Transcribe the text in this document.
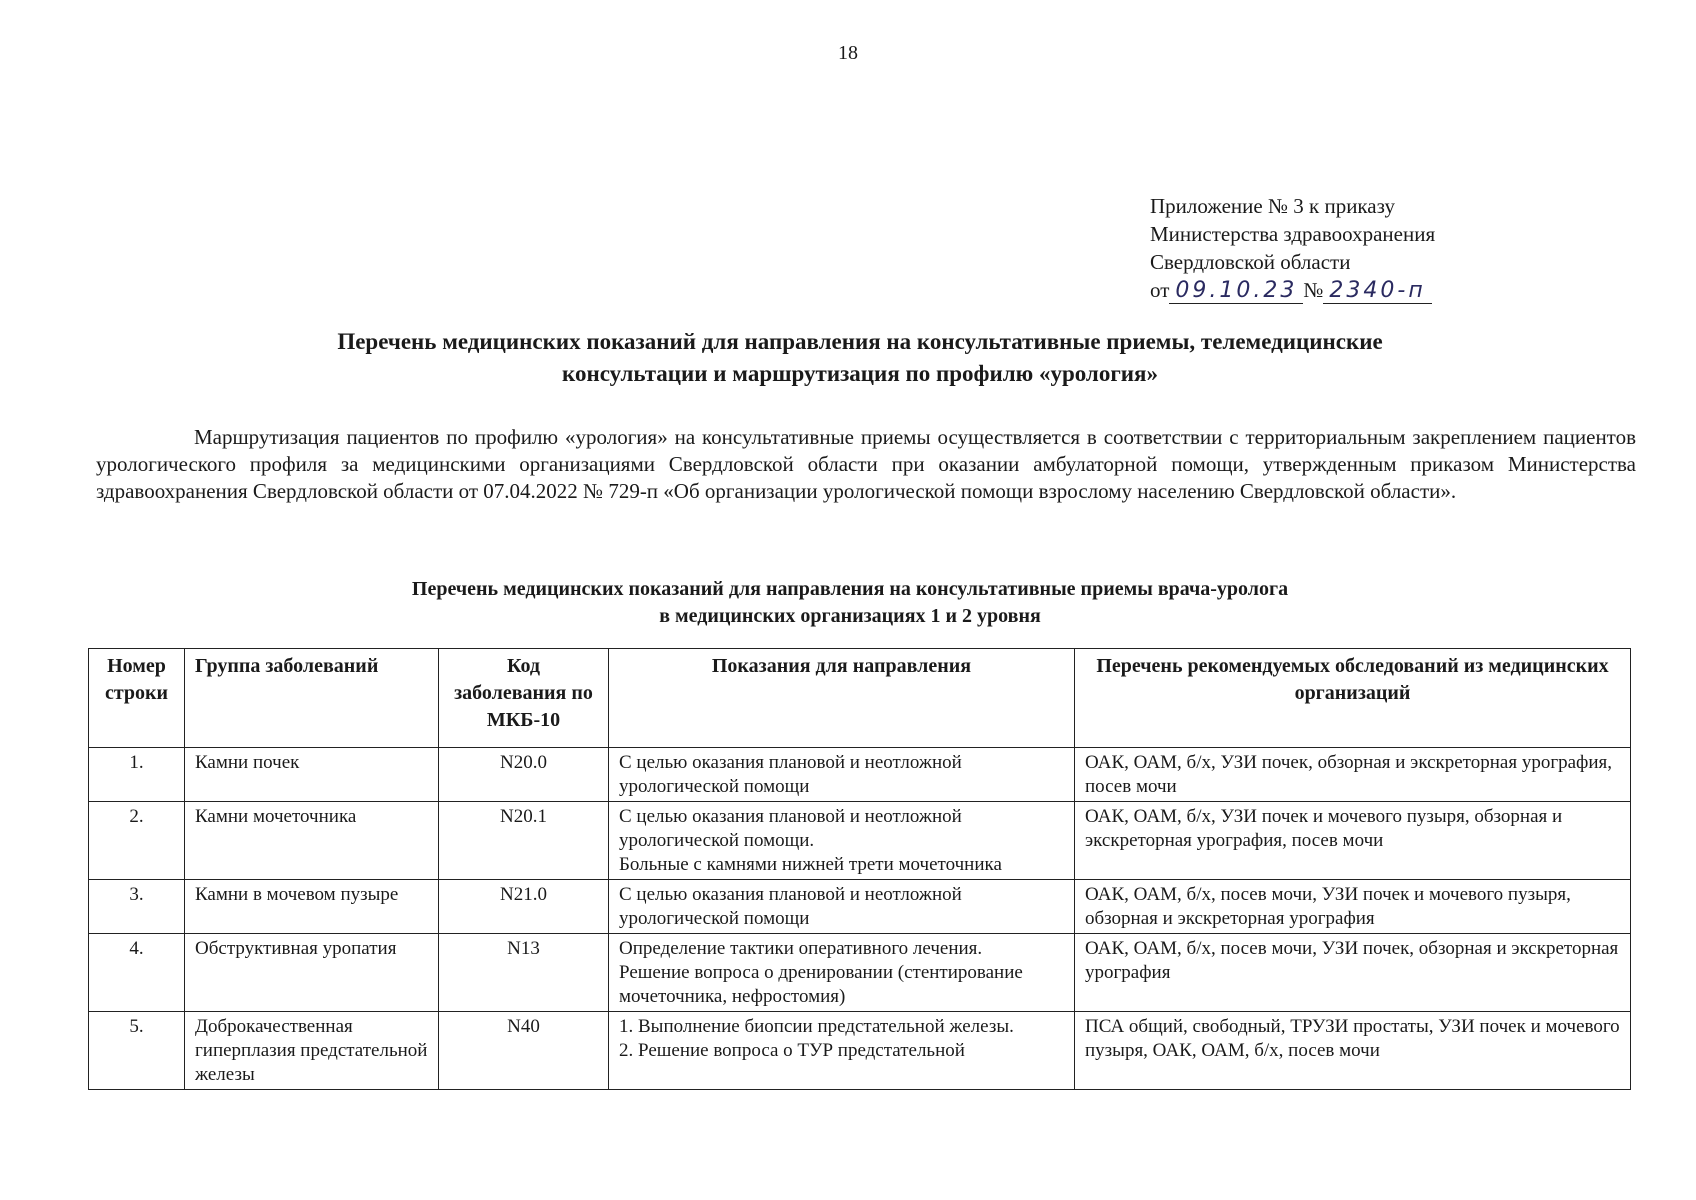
18
Приложение № 3 к приказу
Министерства здравоохранения
Свердловской области
от 09.10.23 № 2340-п
Перечень медицинских показаний для направления на консультативные приемы, телемедицинские
консультации и маршрутизация по профилю «урология»
Маршрутизация пациентов по профилю «урология» на консультативные приемы осуществляется в соответствии с территориальным закреплением пациентов урологического профиля за медицинскими организациями Свердловской области при оказании амбулаторной помощи, утвержденным приказом Министерства здравоохранения Свердловской области от 07.04.2022 № 729-п «Об организации урологической помощи взрослому населению Свердловской области».
Перечень медицинских показаний для направления на консультативные приемы врача-уролога
в медицинских организациях 1 и 2 уровня
Номер строки	Группа заболеваний	Код заболевания по МКБ-10	Показания для направления	Перечень рекомендуемых обследований из медицинских организаций
1.	Камни почек	N20.0	С целью оказания плановой и неотложной урологической помощи	ОАК, ОАМ, б/х, УЗИ почек, обзорная и экскреторная урография, посев мочи
2.	Камни мочеточника	N20.1	С целью оказания плановой и неотложной урологической помощи.
Больные с камнями нижней трети мочеточника	ОАК, ОАМ, б/х, УЗИ почек и мочевого пузыря, обзорная и экскреторная урография, посев мочи
3.	Камни в мочевом пузыре	N21.0	С целью оказания плановой и неотложной урологической помощи	ОАК, ОАМ, б/х, посев мочи, УЗИ почек и мочевого пузыря, обзорная и экскреторная урография
4.	Обструктивная уропатия	N13	Определение тактики оперативного лечения.
Решение вопроса о дренировании (стентирование мочеточника, нефростомия)	ОАК, ОАМ, б/х, посев мочи, УЗИ почек, обзорная и экскреторная урография
5.	Доброкачественная гиперплазия предстательной железы	N40	1. Выполнение биопсии предстательной железы.
2. Решение вопроса о ТУР предстательной	ПСА общий, свободный, ТРУЗИ простаты, УЗИ почек и мочевого пузыря, ОАК, ОАМ, б/х, посев мочи
